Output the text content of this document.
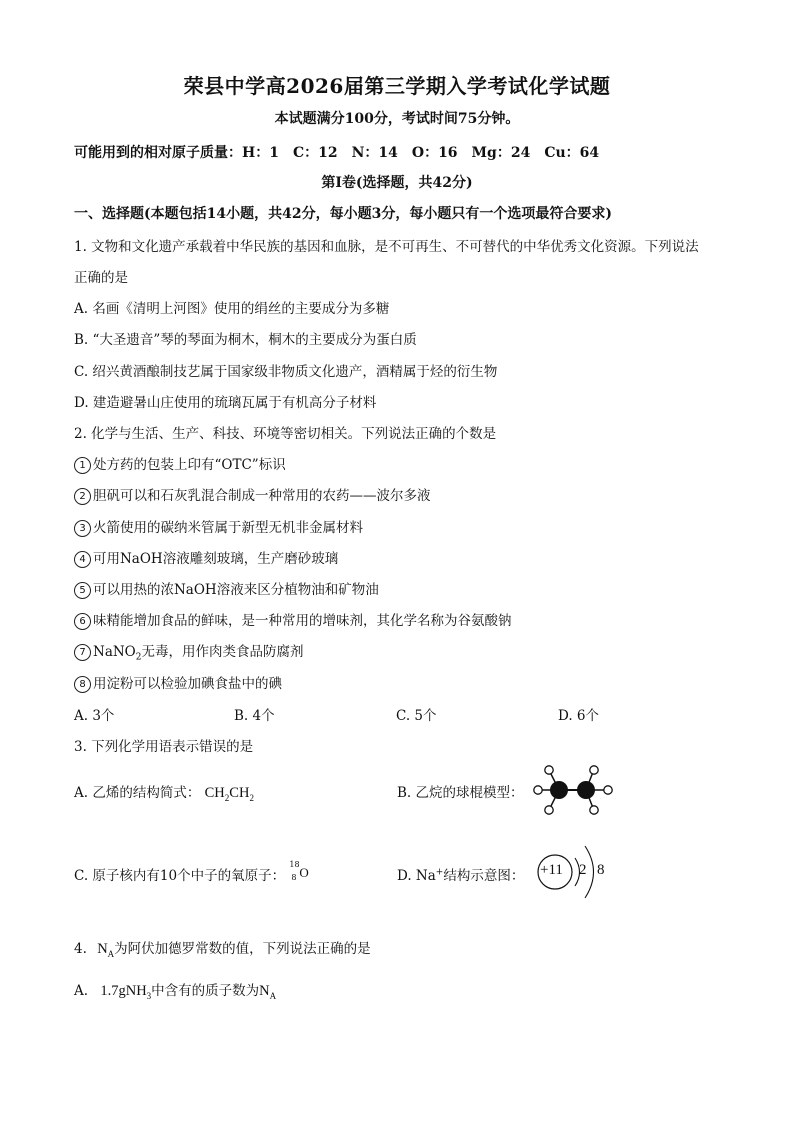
荣县中学高2026届第三学期入学考试化学试题
本试题满分100分，考试时间75分钟。
可能用到的相对原子质量：H：1　C：12　N：14　O：16　Mg：24　Cu：64
第I卷(选择题，共42分)
一、选择题(本题包括14小题，共42分，每小题3分，每小题只有一个选项最符合要求)
1. 文物和文化遗产承载着中华民族的基因和血脉，是不可再生、不可替代的中华优秀文化资源。下列说法
正确的是
A. 名画《清明上河图》使用的绢丝的主要成分为多糖
B. “大圣遗音”琴的琴面为桐木，桐木的主要成分为蛋白质
C. 绍兴黄酒酿制技艺属于国家级非物质文化遗产，酒精属于烃的衍生物
D. 建造避暑山庄使用的琉璃瓦属于有机高分子材料
2. 化学与生活、生产、科技、环境等密切相关。下列说法正确的个数是
1 处方药的包装上印有“OTC”标识
2 胆矾可以和石灰乳混合制成一种常用的农药——波尔多液
3 火箭使用的碳纳米管属于新型无机非金属材料
4 可用NaOH溶液雕刻玻璃，生产磨砂玻璃
5 可以用热的浓NaOH溶液来区分植物油和矿物油
6 味精能增加食品的鲜味，是一种常用的增味剂，其化学名称为谷氨酸钠
7 NaNO$_2$无毒，用作肉类食品防腐剂
8 用淀粉可以检验加碘食盐中的碘
A. 3个	B. 4个	C. 5个	D. 6个
3. 下列化学用语表示错误的是
A. 乙烯的结构简式： $CH_2CH_2$	B. 乙烷的球棍模型：
C. 原子核内有10个中子的氧原子：
18
8 O	D. Na+结构示意图： +11 2 8
4. $N_A$为阿伏加德罗常数的值，下列说法正确的是
A. 1.7gNH$_3$中含有的质子数为$N_A$
